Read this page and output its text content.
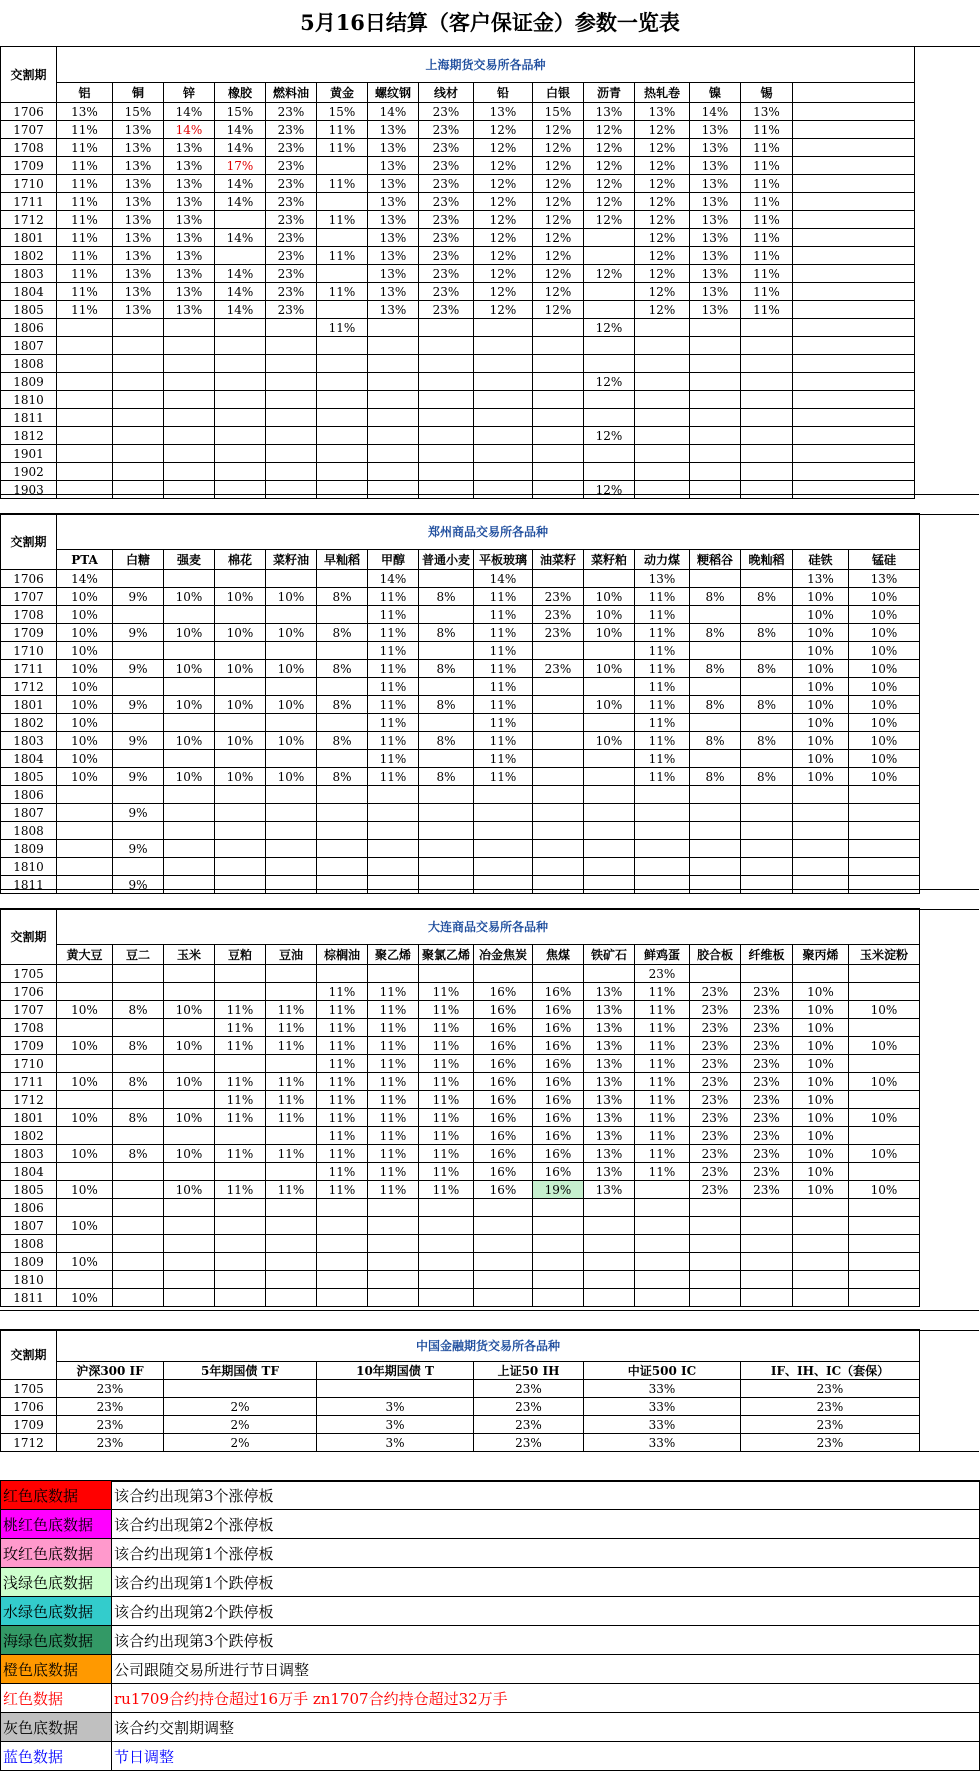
5月16日结算（客户保证金）参数一览表
交割期	上海期货交易所各品种														
	铝	铜	锌	橡胶	燃料油	黄金	螺纹钢	线材	铅	白银	沥青	热轧卷	镍	锡	
1706	13%	15%	14%	15%	23%	15%	14%	23%	13%	15%	13%	13%	14%	13%	
1707	11%	13%	14%	14%	23%	11%	13%	23%	12%	12%	12%	12%	13%	11%	
1708	11%	13%	13%	14%	23%	11%	13%	23%	12%	12%	12%	12%	13%	11%	
1709	11%	13%	13%	17%	23%		13%	23%	12%	12%	12%	12%	13%	11%	
1710	11%	13%	13%	14%	23%	11%	13%	23%	12%	12%	12%	12%	13%	11%	
1711	11%	13%	13%	14%	23%		13%	23%	12%	12%	12%	12%	13%	11%	
1712	11%	13%	13%		23%	11%	13%	23%	12%	12%	12%	12%	13%	11%	
1801	11%	13%	13%	14%	23%		13%	23%	12%	12%		12%	13%	11%	
1802	11%	13%	13%		23%	11%	13%	23%	12%	12%		12%	13%	11%	
1803	11%	13%	13%	14%	23%		13%	23%	12%	12%	12%	12%	13%	11%	
1804	11%	13%	13%	14%	23%	11%	13%	23%	12%	12%		12%	13%	11%	
1805	11%	13%	13%	14%	23%		13%	23%	12%	12%		12%	13%	11%	
1806						11%					12%				
1807															
1808															
1809											12%				
1810															
1811															
1812											12%				
1901															
1902															
1903											12%				
交割期	郑州商品交易所各品种															
	PTA	白糖	强麦	棉花	菜籽油	早籼稻	甲醇	普通小麦	平板玻璃	油菜籽	菜籽粕	动力煤	粳稻谷	晚籼稻	硅铁	锰硅
1706	14%						14%		14%			13%			13%	13%
1707	10%	9%	10%	10%	10%	8%	11%	8%	11%	23%	10%	11%	8%	8%	10%	10%
1708	10%						11%		11%	23%	10%	11%			10%	10%
1709	10%	9%	10%	10%	10%	8%	11%	8%	11%	23%	10%	11%	8%	8%	10%	10%
1710	10%						11%		11%			11%			10%	10%
1711	10%	9%	10%	10%	10%	8%	11%	8%	11%	23%	10%	11%	8%	8%	10%	10%
1712	10%						11%		11%			11%			10%	10%
1801	10%	9%	10%	10%	10%	8%	11%	8%	11%		10%	11%	8%	8%	10%	10%
1802	10%						11%		11%			11%			10%	10%
1803	10%	9%	10%	10%	10%	8%	11%	8%	11%		10%	11%	8%	8%	10%	10%
1804	10%						11%		11%			11%			10%	10%
1805	10%	9%	10%	10%	10%	8%	11%	8%	11%			11%	8%	8%	10%	10%
1806																
1807		9%														
1808																
1809		9%														
1810																
1811		9%														
交割期	大连商品交易所各品种															
	黄大豆	豆二	玉米	豆粕	豆油	棕榈油	聚乙烯	聚氯乙烯	冶金焦炭	焦煤	铁矿石	鲜鸡蛋	胶合板	纤维板	聚丙烯	玉米淀粉
1705												23%				
1706						11%	11%	11%	16%	16%	13%	11%	23%	23%	10%	
1707	10%	8%	10%	11%	11%	11%	11%	11%	16%	16%	13%	11%	23%	23%	10%	10%
1708				11%	11%	11%	11%	11%	16%	16%	13%	11%	23%	23%	10%	
1709	10%	8%	10%	11%	11%	11%	11%	11%	16%	16%	13%	11%	23%	23%	10%	10%
1710						11%	11%	11%	16%	16%	13%	11%	23%	23%	10%	
1711	10%	8%	10%	11%	11%	11%	11%	11%	16%	16%	13%	11%	23%	23%	10%	10%
1712				11%	11%	11%	11%	11%	16%	16%	13%	11%	23%	23%	10%	
1801	10%	8%	10%	11%	11%	11%	11%	11%	16%	16%	13%	11%	23%	23%	10%	10%
1802						11%	11%	11%	16%	16%	13%	11%	23%	23%	10%	
1803	10%	8%	10%	11%	11%	11%	11%	11%	16%	16%	13%	11%	23%	23%	10%	10%
1804						11%	11%	11%	16%	16%	13%	11%	23%	23%	10%	
1805	10%		10%	11%	11%	11%	11%	11%	16%	19%	13%		23%	23%	10%	10%
1806																
1807	10%															
1808																
1809	10%															
1810																
1811	10%															
交割期	中国金融期货交易所各品种					
	沪深300 IF	5年期国债 TF	10年期国债 T	上证50 IH	中证500 IC	IF、IH、IC（套保）
1705	23%			23%	33%	23%
1706	23%	2%	3%	23%	33%	23%
1709	23%	2%	3%	23%	33%	23%
1712	23%	2%	3%	23%	33%	23%
红色底数据	该合约出现第3个涨停板
桃红色底数据	该合约出现第2个涨停板
玫红色底数据	该合约出现第1个涨停板
浅绿色底数据	该合约出现第1个跌停板
水绿色底数据	该合约出现第2个跌停板
海绿色底数据	该合约出现第3个跌停板
橙色底数据	公司跟随交易所进行节日调整
红色数据	ru1709合约持仓超过16万手 zn1707合约持仓超过32万手
灰色底数据	该合约交割期调整
蓝色数据	节日调整
